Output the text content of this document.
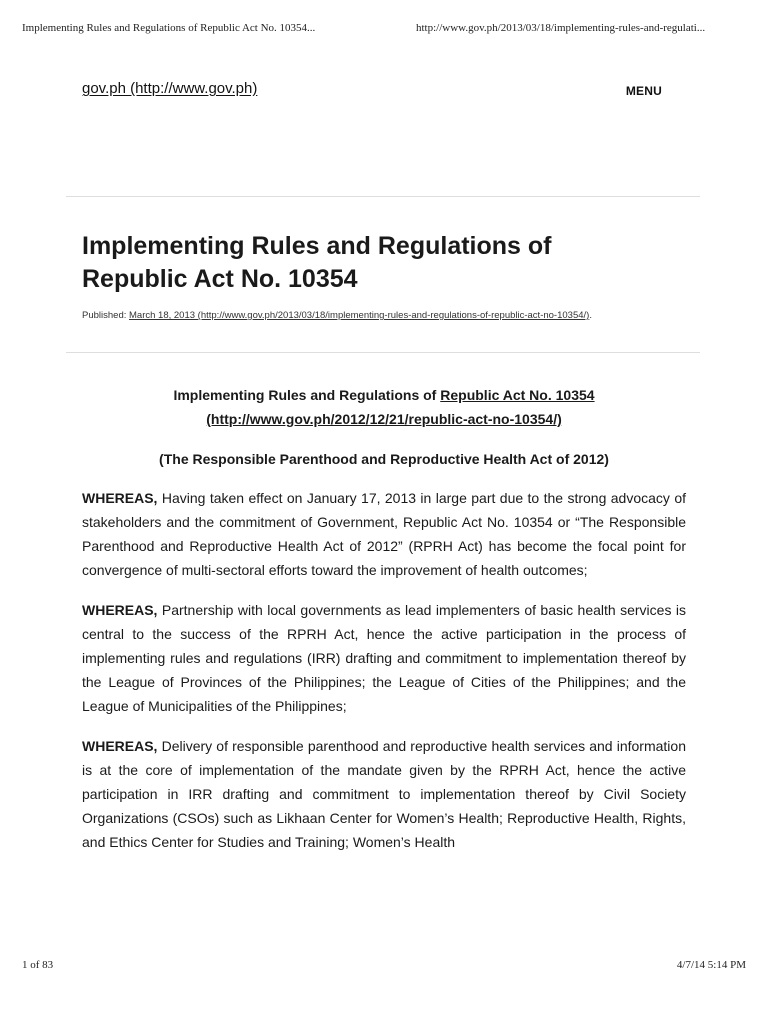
Implementing Rules and Regulations of Republic Act No. 10354...	http://www.gov.ph/2013/03/18/implementing-rules-and-regulati...
gov.ph (http://www.gov.ph)	MENU
Implementing Rules and Regulations of Republic Act No. 10354
Published: March 18, 2013 (http://www.gov.ph/2013/03/18/implementing-rules-and-regulations-of-republic-act-no-10354/).

Implementing Rules and Regulations of Republic Act No. 10354 (http://www.gov.ph/2012/12/21/republic-act-no-10354/)

(The Responsible Parenthood and Reproductive Health Act of 2012)

WHEREAS, Having taken effect on January 17, 2013 in large part due to the strong advocacy of stakeholders and the commitment of Government, Republic Act No. 10354 or “The Responsible Parenthood and Reproductive Health Act of 2012” (RPRH Act) has become the focal point for convergence of multi-sectoral efforts toward the improvement of health outcomes;

WHEREAS, Partnership with local governments as lead implementers of basic health services is central to the success of the RPRH Act, hence the active participation in the process of implementing rules and regulations (IRR) drafting and commitment to implementation thereof by the League of Provinces of the Philippines; the League of Cities of the Philippines; and the League of Municipalities of the Philippines;

WHEREAS, Delivery of responsible parenthood and reproductive health services and information is at the core of implementation of the mandate given by the RPRH Act, hence the active participation in IRR drafting and commitment to implementation thereof by Civil Society Organizations (CSOs) such as Likhaan Center for Women’s Health; Reproductive Health, Rights, and Ethics Center for Studies and Training; Women’s Health

1 of 83	4/7/14 5:14 PM
